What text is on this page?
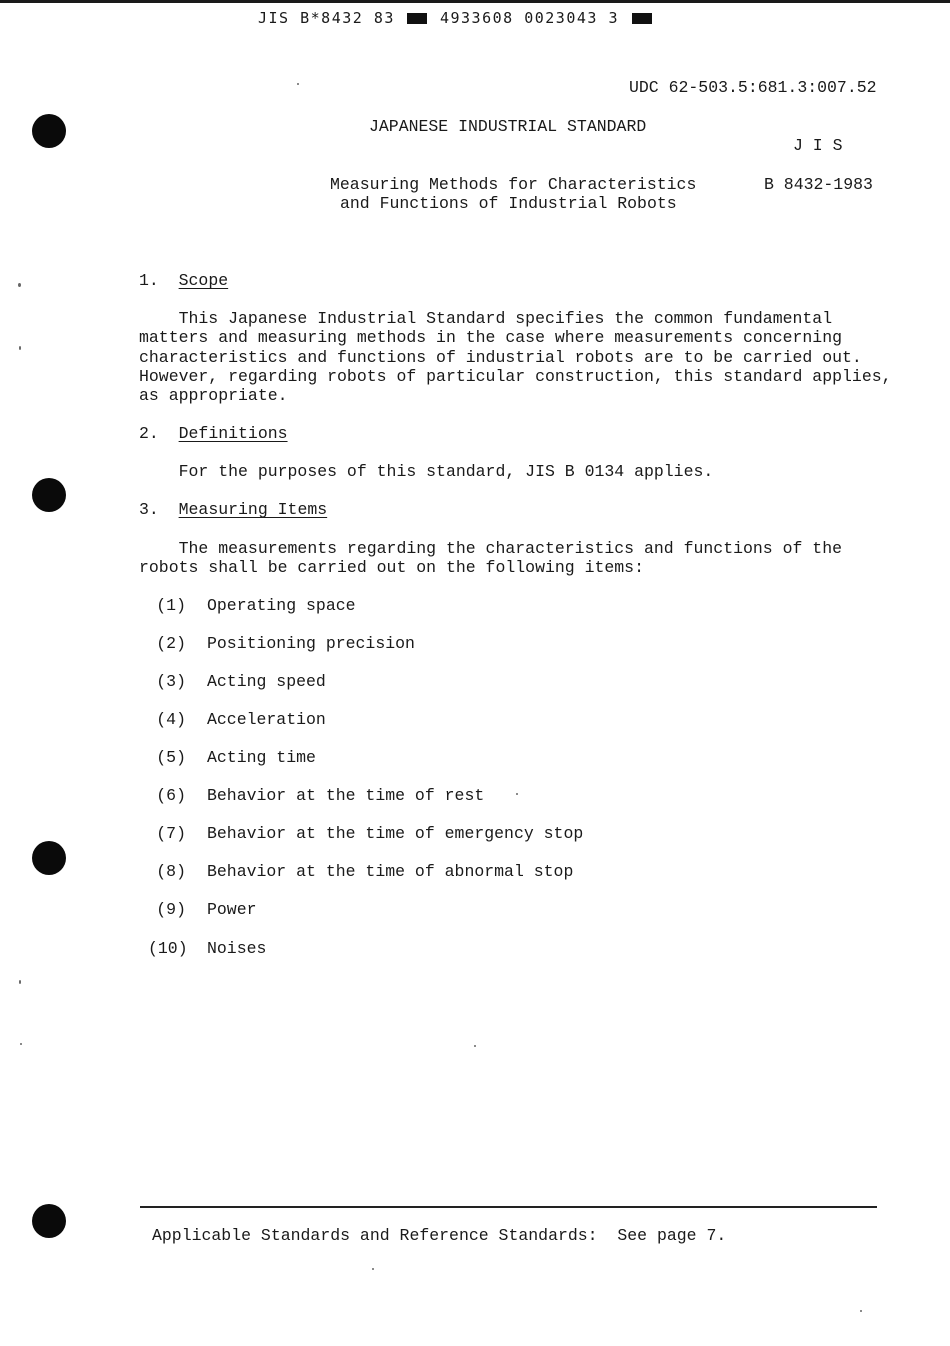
JIS B*8432 83	4933608 0023043 3
UDC 62-503.5:681.3:007.52
JAPANESE INDUSTRIAL STANDARD
J I S
Measuring Methods for Characteristics
and Functions of Industrial Robots
B 8432-1983
1. Scope
This Japanese Industrial Standard specifies the common fundamental
matters and measuring methods in the case where measurements concerning
characteristics and functions of industrial robots are to be carried out.
However, regarding robots of particular construction, this standard applies,
as appropriate.
2. Definitions
For the purposes of this standard, JIS B 0134 applies.
3. Measuring Items
The measurements regarding the characteristics and functions of the
robots shall be carried out on the following items:
(1) Operating space
(2) Positioning precision
(3) Acting speed
(4) Acceleration
(5) Acting time
(6) Behavior at the time of rest
(7) Behavior at the time of emergency stop
(8) Behavior at the time of abnormal stop
(9) Power
(10) Noises
Applicable Standards and Reference Standards:  See page 7.
